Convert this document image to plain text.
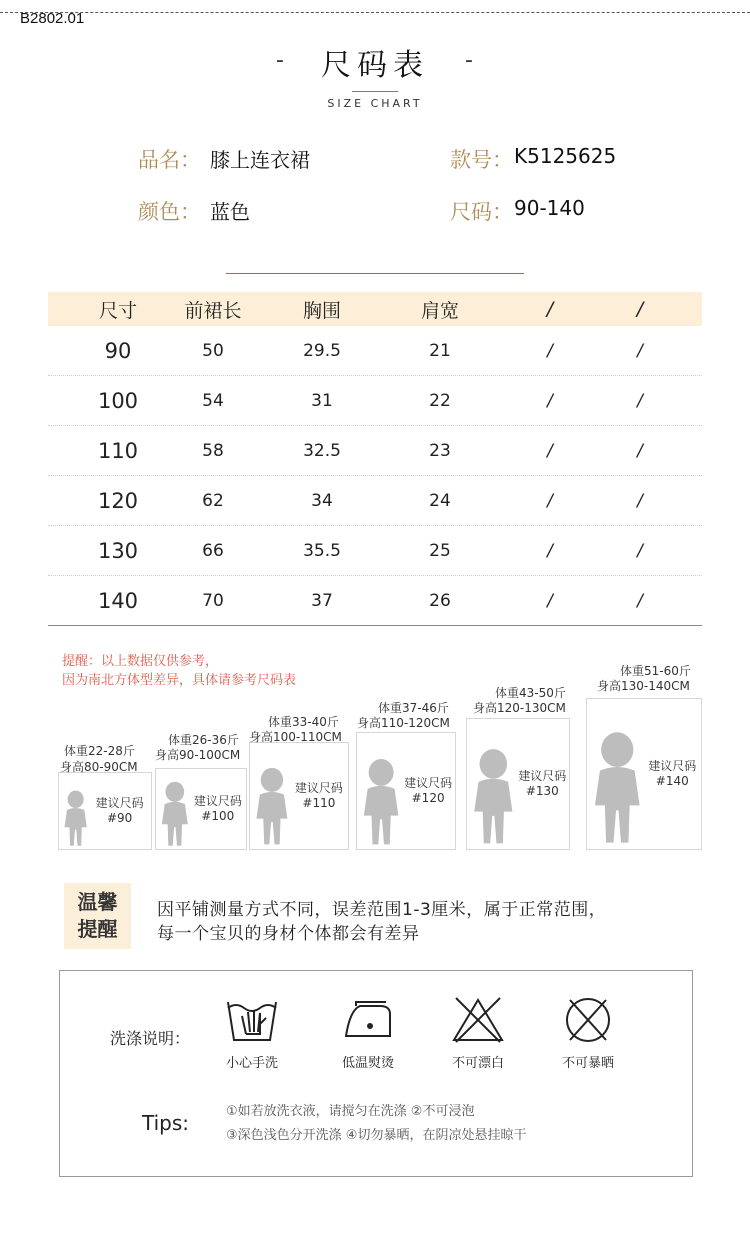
B2802.01
-	尺码表	-
SIZE CHART
品名： 膝上连衣裙	款号： K5125625
颜色： 蓝色	尺码： 90-140
尺寸	前裙长	胸围	肩宽	/	/
90	50	29.5	21	/	/
100	54	31	22	/	/
110	58	32.5	23	/	/
120	62	34	24	/	/
130	66	35.5	25	/	/
140	70	37	26	/	/
提醒：以上数据仅供参考，
因为南北方体型差异，具体请参考尺码表
体重22-28斤
身高80-90CM
建议尺码
#90
体重26-36斤
身高90-100CM
建议尺码
#100
体重33-40斤
身高100-110CM
建议尺码
#110
体重37-46斤
身高110-120CM
建议尺码
#120
体重43-50斤
身高120-130CM
建议尺码
#130
体重51-60斤
身高130-140CM
建议尺码
#140
温馨
提醒
因平铺测量方式不同，误差范围1-3厘米，属于正常范围，
每一个宝贝的身材个体都会有差异
洗涤说明：
小心手洗	低温熨烫	不可漂白	不可暴晒
Tips:	①如若放洗衣液，请搅匀在洗涤 ②不可浸泡
③深色浅色分开洗涤 ④切勿暴晒，在阴凉处悬挂晾干
